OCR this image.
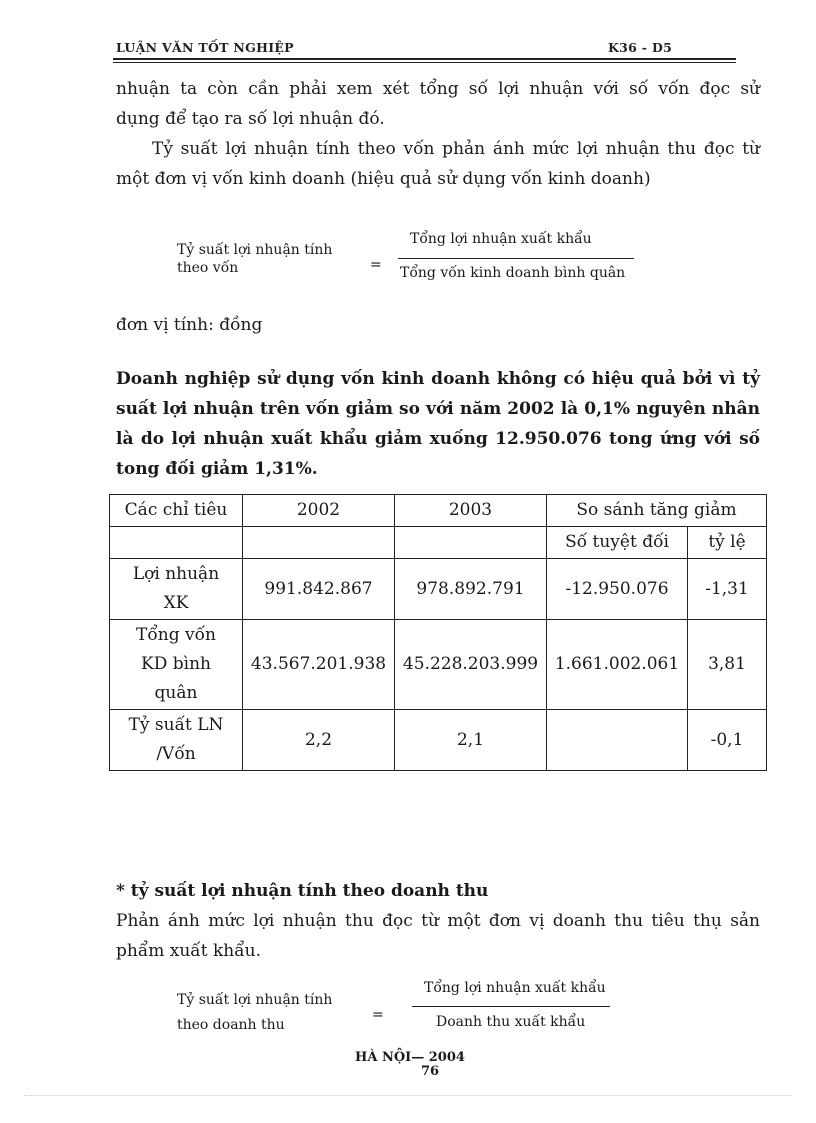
LUẬN VĂN TỐT NGHIỆP	K36 - D5
nhuận ta còn cần phải xem xét tổng số lợi nhuận với số vốn đọc sử
dụng để tạo ra số lợi nhuận đó.
Tỷ suất lợi nhuận tính theo vốn phản ánh mức lợi nhuận thu đọc từ
một đơn vị vốn kinh doanh (hiệu quả sử dụng vốn kinh doanh)
Tỷ suất lợi nhuận tính
theo vốn	=
Tổng lợi nhuận xuất khẩu
Tổng vốn kinh doanh bình quân
đơn vị tính: đồng
Doanh nghiệp sử dụng vốn kinh doanh không có hiệu quả bởi vì tỷ
suất lợi nhuận trên vốn giảm so với năm 2002 là 0,1% nguyên nhân
là do lợi nhuận xuất khẩu giảm xuống 12.950.076 tong ứng với số
tong đối giảm 1,31%.
Các chỉ tiêu	2002	2003	So sánh tăng giảm	
			Số tuyệt đối	tỷ lệ

Lợi nhuận
XK	991.842.867	978.892.791	-12.950.076	-1,31

Tổng vốn
KD bình
quân	43.567.201.938	45.228.203.999	1.661.002.061	3,81

Tỷ suất LN
/Vốn	2,2	2,1		-0,1
* tỷ suất lợi nhuận tính theo doanh thu
Phản ánh mức lợi nhuận thu đọc từ một đơn vị doanh thu tiêu thụ sản
phẩm xuất khẩu.
Tỷ suất lợi nhuận tính
theo doanh thu
=
Tổng lợi nhuận xuất khẩu
Doanh thu xuất khẩu
HÀ NỘI— 2004
76
